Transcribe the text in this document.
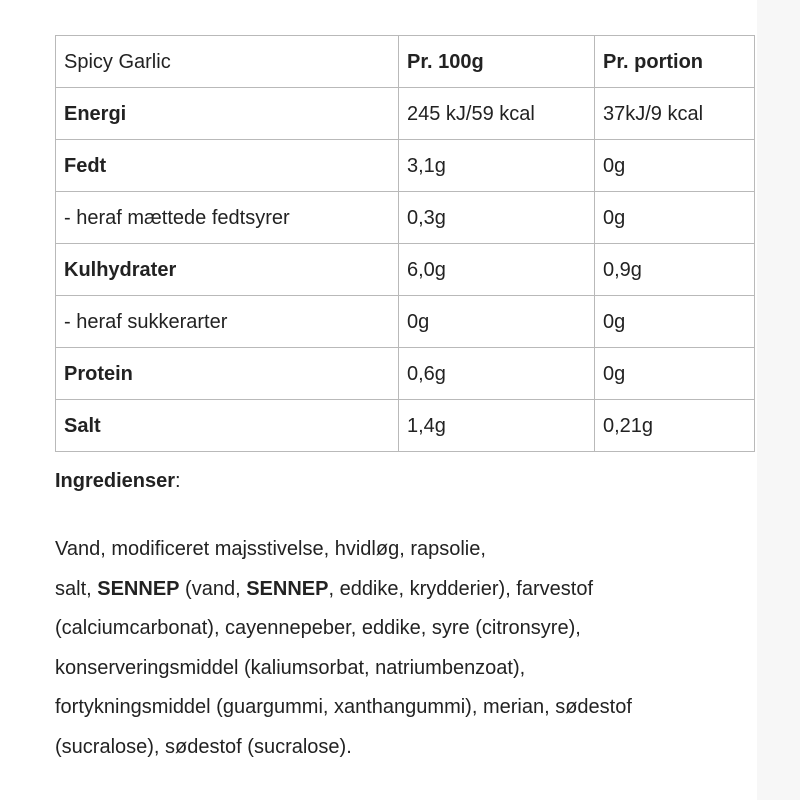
Spicy Garlic	Pr. 100g	Pr. portion
Energi	245 kJ/59 kcal	37kJ/9 kcal
Fedt	3,1g	0g
- heraf mættede fedtsyrer	0,3g	0g
Kulhydrater	6,0g	0,9g
- heraf sukkerarter	0g	0g
Protein	0,6g	0g
Salt	1,4g	0,21g
Ingredienser:
Vand, modificeret majsstivelse, hvidløg, rapsolie,
salt, SENNEP (vand, SENNEP, eddike, krydderier), farvestof
(calciumcarbonat), cayennepeber, eddike, syre (citronsyre),
konserveringsmiddel (kaliumsorbat, natriumbenzoat),
fortykningsmiddel (guargummi, xanthangummi), merian, sødestof
(sucralose), sødestof (sucralose).
